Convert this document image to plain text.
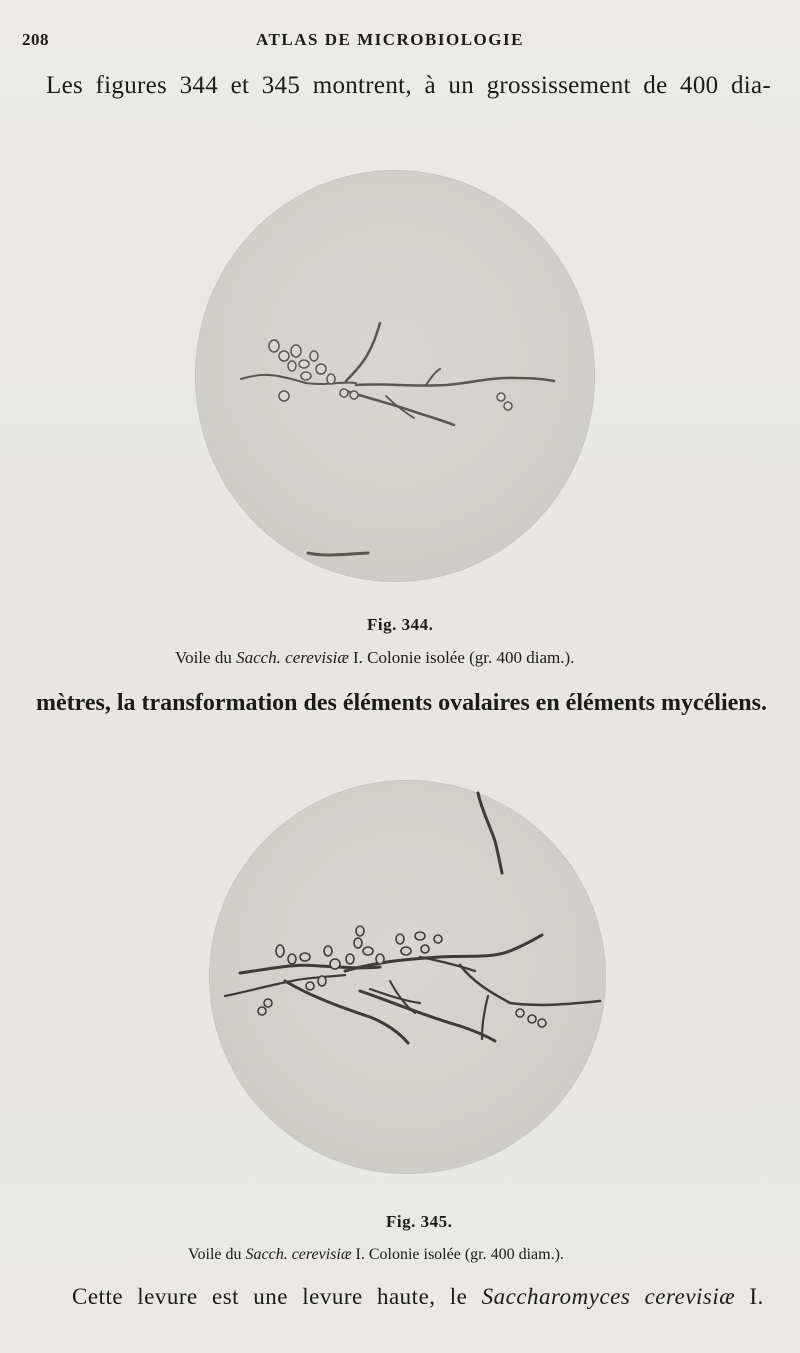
208	ATLAS DE MICROBIOLOGIE
Les figures 344 et 345 montrent, à un grossissement de 400 dia-
Fig. 344.
Voile du Sacch. cerevisiæ I. Colonie isolée (gr. 400 diam.).
mètres, la transformation des éléments ovalaires en éléments mycéliens.
Fig. 345.
Voile du Sacch. cerevisiæ I. Colonie isolée (gr. 400 diam.).
Cette levure est une levure haute, le Saccharomyces cerevisiæ I.
